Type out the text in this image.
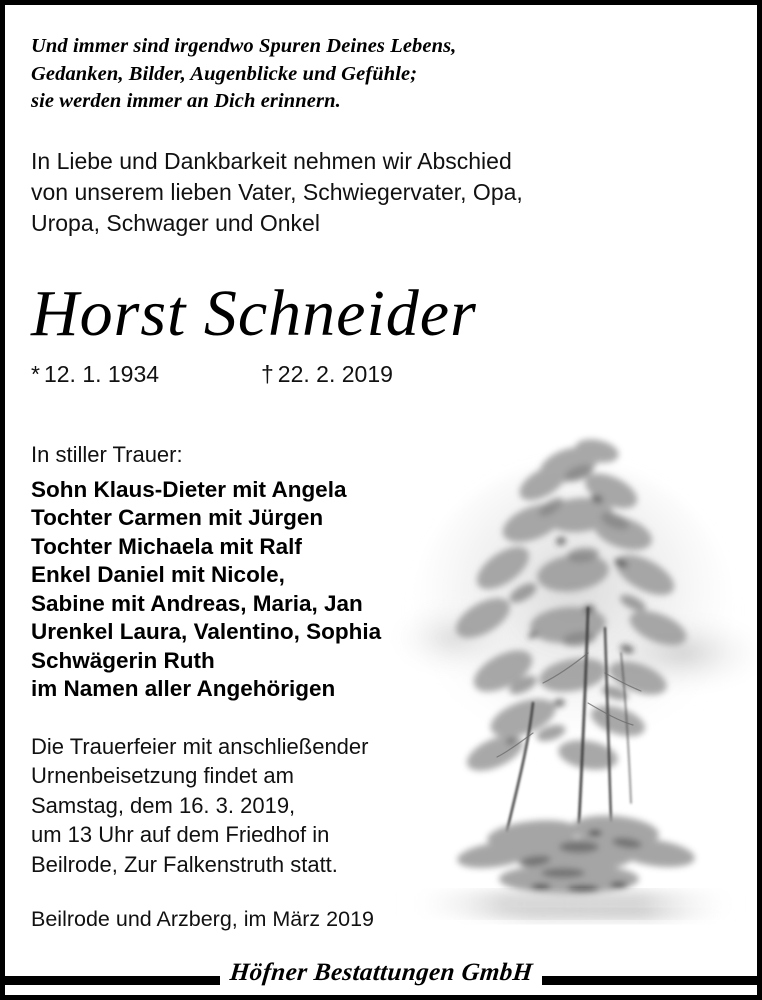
Und immer sind irgendwo Spuren Deines Lebens,
Gedanken, Bilder, Augenblicke und Gefühle;
sie werden immer an Dich erinnern.
In Liebe und Dankbarkeit nehmen wir Abschied
von unserem lieben Vater, Schwiegervater, Opa,
Uropa, Schwager und Onkel
Horst Schneider
* 12. 1. 1934	† 22. 2. 2019
In stiller Trauer:
Sohn Klaus-Dieter mit Angela
Tochter Carmen mit Jürgen
Tochter Michaela mit Ralf
Enkel Daniel mit Nicole,
Sabine mit Andreas, Maria, Jan
Urenkel Laura, Valentino, Sophia
Schwägerin Ruth
im Namen aller Angehörigen
Die Trauerfeier mit anschließender
Urnenbeisetzung findet am
Samstag, dem 16. 3. 2019,
um 13 Uhr auf dem Friedhof in
Beilrode, Zur Falkenstruth statt.
Beilrode und Arzberg, im März 2019
Höfner Bestattungen GmbH
